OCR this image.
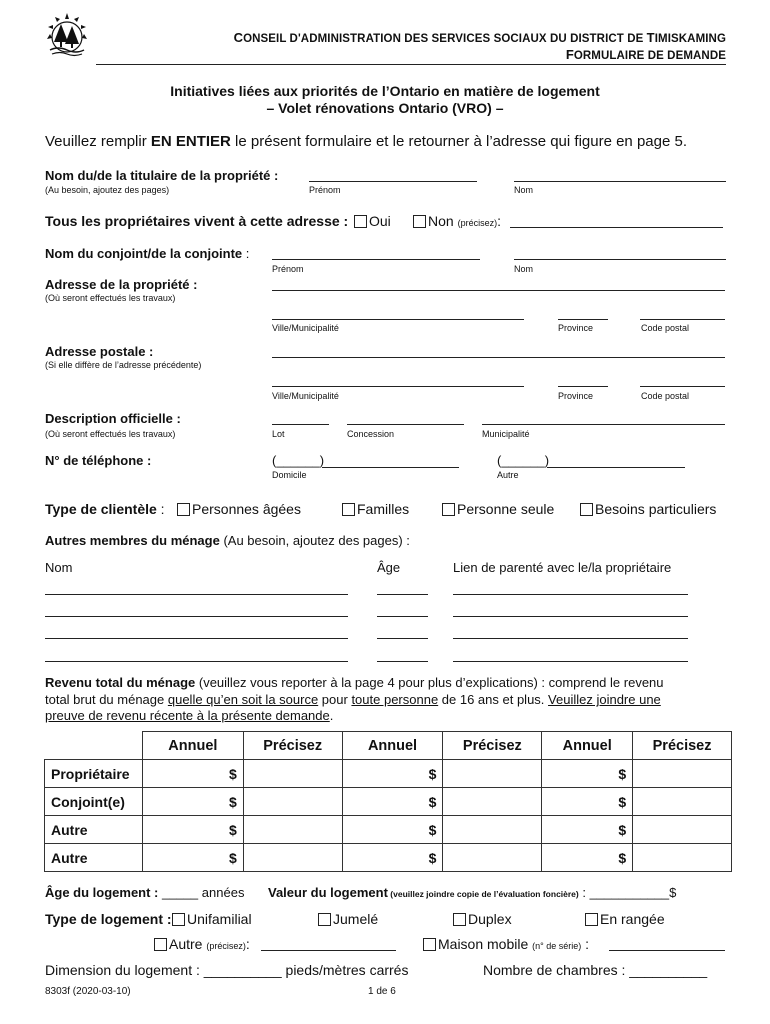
CONSEIL D'ADMINISTRATION DES SERVICES SOCIAUX DU DISTRICT DE TIMISKAMING
FORMULAIRE DE DEMANDE
Initiatives liées aux priorités de l’Ontario en matière de logement
– Volet rénovations Ontario (VRO) –
Veuillez remplir EN ENTIER le présent formulaire et le retourner à l’adresse qui figure en page 5.
Nom du/de la titulaire de la propriété :
(Au besoin, ajoutez des pages)	Prénom	Nom
Tous les propriétaires vivent à cette adresse :	Oui	Non (précisez):
Nom du conjoint/de la conjointe :
Prénom	Nom
Adresse de la propriété :
(Où seront effectués les travaux)
Ville/Municipalité	Province	Code postal
Adresse postale :
(Si elle diffère de l’adresse précédente)
Ville/Municipalité	Province	Code postal
Description officielle :
(Où seront effectués les travaux)	Lot	Concession	Municipalité
N° de téléphone :	(______)
Domicile
(______)
Autre
Type de clientèle :	Personnes âgées	Familles	Personne seule	Besoins particuliers
Autres membres du ménage (Au besoin, ajoutez des pages) :
Nom	Âge	Lien de parenté avec le/la propriétaire
Revenu total du ménage (veuillez vous reporter à la page 4 pour plus d’explications) : comprend le revenu
total brut du ménage quelle qu’en soit la source pour toute personne de 16 ans et plus. Veuillez joindre une
preuve de revenu récente à la présente demande.
	Annuel	Précisez	Annuel	Précisez	Annuel	Précisez
Propriétaire	$		$		$	
Conjoint(e)	$		$		$	
Autre	$		$		$	
Autre	$		$		$	
Âge du logement : _____ années Valeur du logement (veuillez joindre copie de l’évaluation foncière) : ___________$
Type de logement :	Unifamilial	Jumelé	Duplex	En rangée
Autre (précisez):	Maison mobile (n° de série) :
Dimension du logement : __________ pieds/mètres carrés	Nombre de chambres : __________
8303f (2020-03-10)	1 de 6
